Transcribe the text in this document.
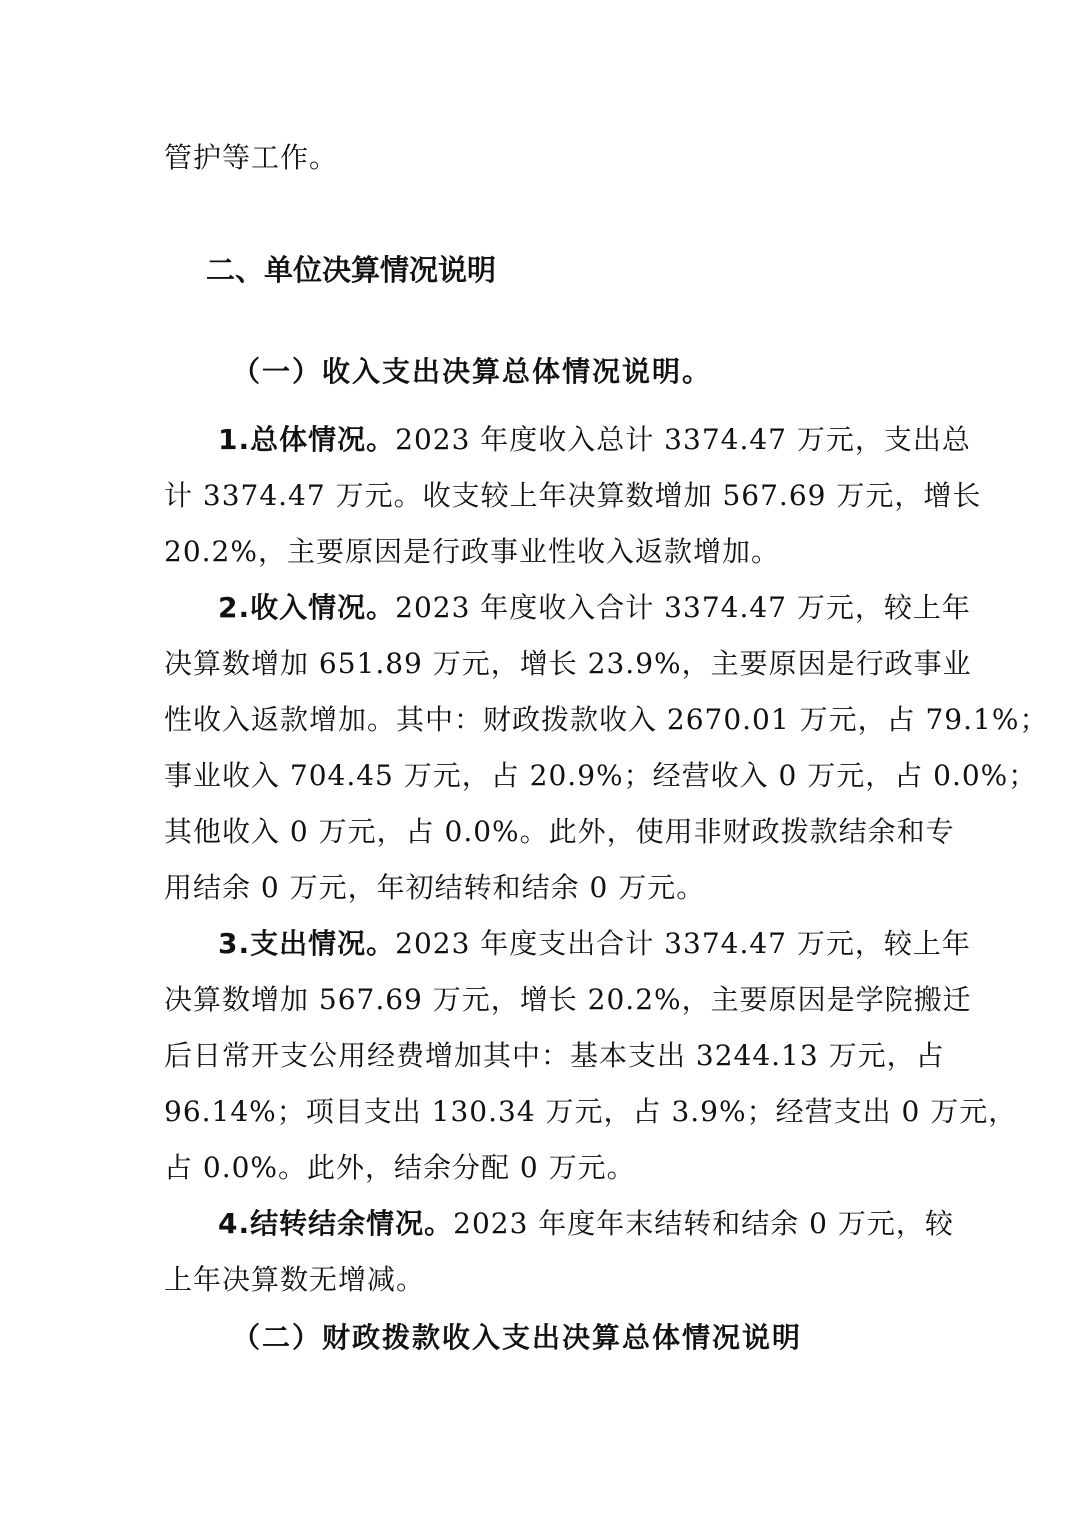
管护等工作。
二、单位决算情况说明
（一）收入支出决算总体情况说明。
1.总体情况。2023 年度收入总计 3374.47 万元，支出总
计 3374.47 万元。收支较上年决算数增加 567.69 万元，增长
20.2%，主要原因是行政事业性收入返款增加。
2.收入情况。2023 年度收入合计 3374.47 万元，较上年
决算数增加 651.89 万元，增长 23.9%，主要原因是行政事业
性收入返款增加。其中：财政拨款收入 2670.01 万元，占 79.1%；
事业收入 704.45 万元，占 20.9%；经营收入 0 万元，占 0.0%；
其他收入 0 万元，占 0.0%。此外，使用非财政拨款结余和专
用结余 0 万元，年初结转和结余 0 万元。
3.支出情况。2023 年度支出合计 3374.47 万元，较上年
决算数增加 567.69 万元，增长 20.2%，主要原因是学院搬迁
后日常开支公用经费增加其中：基本支出 3244.13 万元，占
96.14%；项目支出 130.34 万元，占 3.9%；经营支出 0 万元，
占 0.0%。此外，结余分配 0 万元。
4.结转结余情况。2023 年度年末结转和结余 0 万元，较
上年决算数无增减。
（二）财政拨款收入支出决算总体情况说明
